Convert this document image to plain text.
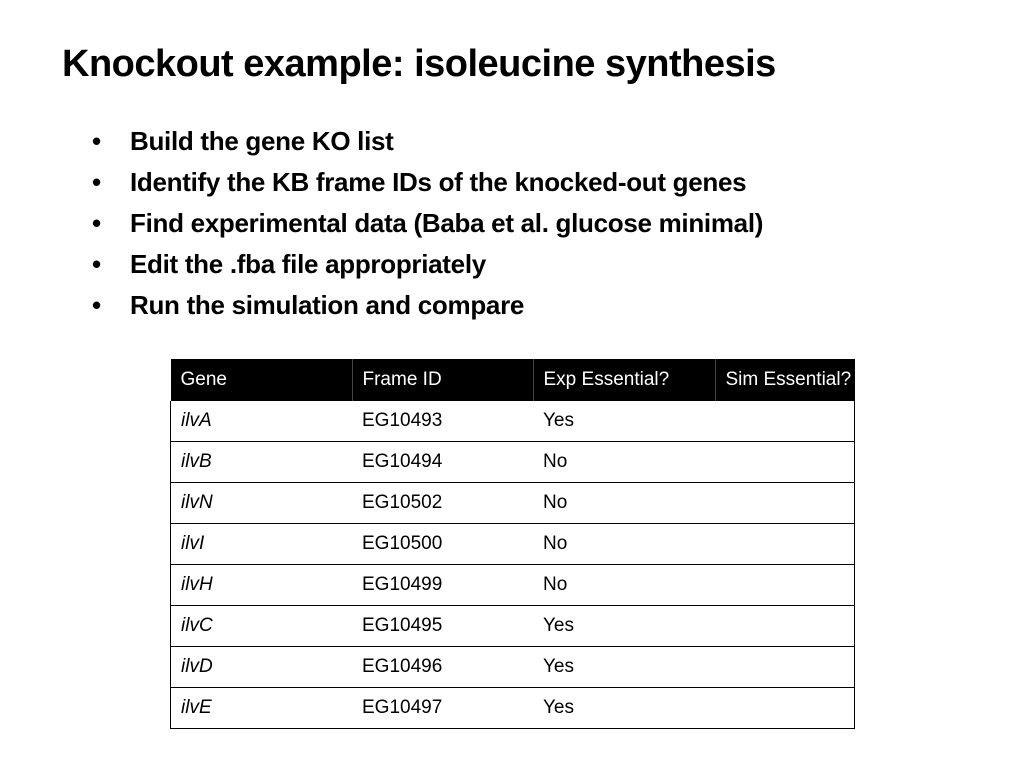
Knockout example: isoleucine synthesis
•	Build the gene KO list
•	Identify the KB frame IDs of the knocked-out genes
•	Find experimental data (Baba et al. glucose minimal)
•	Edit the .fba file appropriately
•	Run the simulation and compare
Gene	Frame ID	Exp Essential?	Sim Essential?
ilvA	EG10493	Yes	
ilvB	EG10494	No	
ilvN	EG10502	No	
ilvI	EG10500	No	
ilvH	EG10499	No	
ilvC	EG10495	Yes	
ilvD	EG10496	Yes	
ilvE	EG10497	Yes	
